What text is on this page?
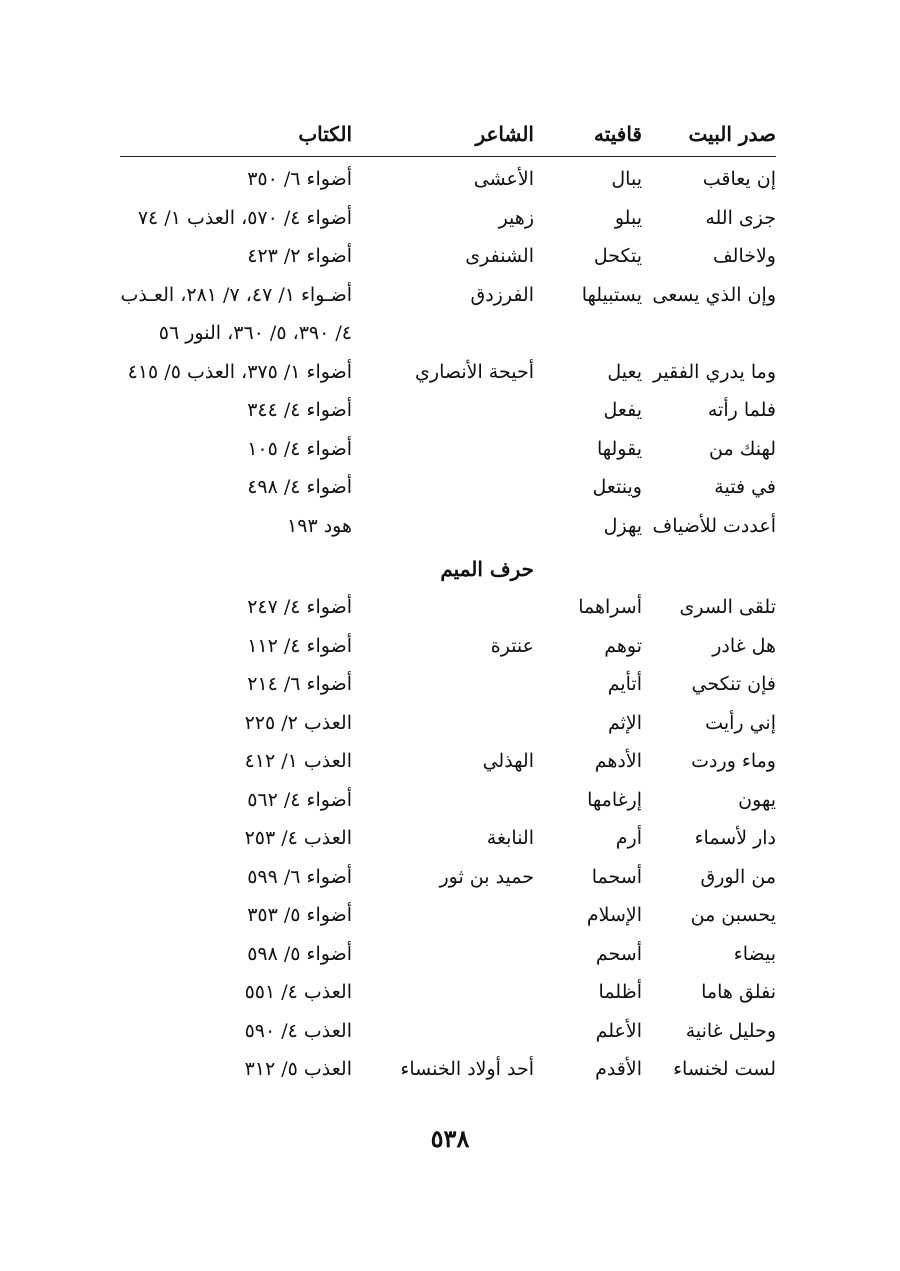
صدر البيت
قافيته
الشاعر
الكتاب
إن يعاقب
يبال
الأعشى
أضواء ٦/ ٣٥٠
جزى الله
يبلو
زهير
أضواء ٤/ ٥٧٠، العذب ١/ ٧٤
ولاخالف
يتكحل
الشنفرى
أضواء ٢/ ٤٢٣
وإن الذي يسعى
يستبيلها
الفرزدق
أضـواء ١/ ٤٧، ٧/ ٢٨١، العـذب
٤/ ٣٩٠، ٥/ ٣٦٠، النور ٥٦
وما يدري الفقير
يعيل
أحيحة الأنصاري
أضواء ١/ ٣٧٥، العذب ٥/ ٤١٥
فلما رأته
يفعل
أضواء ٤/ ٣٤٤
لهنك من
يقولها
أضواء ٤/ ١٠٥
في فتية
وينتعل
أضواء ٤/ ٤٩٨
أعددت للأضياف
يهزل
هود ١٩٣
حرف الميم
تلقى السرى
أسراهما
أضواء ٤/ ٢٤٧
هل غادر
توهم
عنترة
أضواء ٤/ ١١٢
فإن تنكحي
أتأيم
أضواء ٦/ ٢١٤
إني رأيت
الإثم
العذب ٢/ ٢٢٥
وماء وردت
الأدهم
الهذلي
العذب ١/ ٤١٢
يهون
إرغامها
أضواء ٤/ ٥٦٢
دار لأسماء
أرم
النابغة
العذب ٤/ ٢٥٣
من الورق
أسحما
حميد بن ثور
أضواء ٦/ ٥٩٩
يحسبن من
الإسلام
أضواء ٥/ ٣٥٣
بيضاء
أسحم
أضواء ٥/ ٥٩٨
نفلق هاما
أظلما
العذب ٤/ ٥٥١
وحليل غانية
الأعلم
العذب ٤/ ٥٩٠
لست لخنساء
الأقدم
أحد أولاد الخنساء
العذب ٥/ ٣١٢
٥٣٨
